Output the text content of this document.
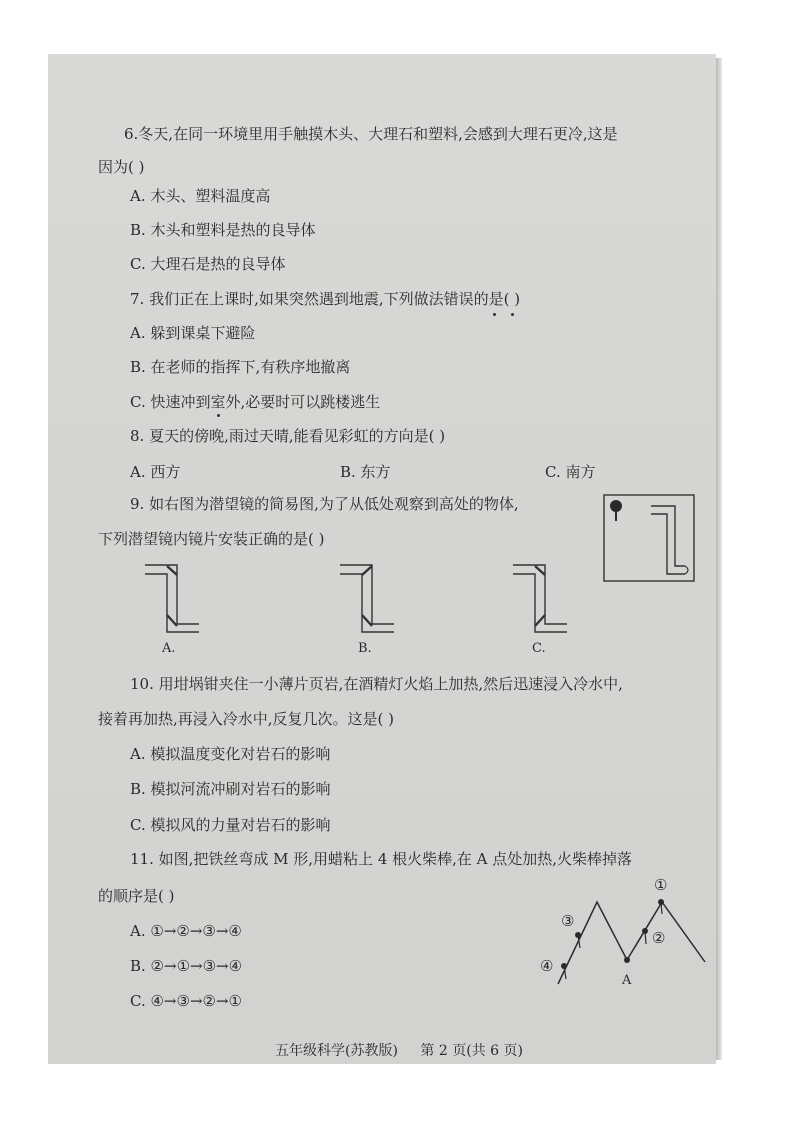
6.冬天,在同一环境里用手触摸木头、大理石和塑料,会感到大理石更冷,这是
因为( )
A. 木头、塑料温度高
B. 木头和塑料是热的良导体
C. 大理石是热的良导体
7. 我们正在上课时,如果突然遇到地震,下列做法错误的是( )
A. 躲到课桌下避险
B. 在老师的指挥下,有秩序地撤离
C. 快速冲到室外,必要时可以跳楼逃生
8. 夏天的傍晚,雨过天晴,能看见彩虹的方向是( )
A. 西方	B. 东方	C. 南方
9. 如右图为潜望镜的简易图,为了从低处观察到高处的物体,
下列潜望镜内镜片安装正确的是( )
A.	B.	C.
10. 用坩埚钳夹住一小薄片页岩,在酒精灯火焰上加热,然后迅速浸入冷水中,
接着再加热,再浸入冷水中,反复几次。这是( )
A. 模拟温度变化对岩石的影响
B. 模拟河流冲刷对岩石的影响
C. 模拟风的力量对岩石的影响
11. 如图,把铁丝弯成 M 形,用蜡粘上 4 根火柴棒,在 A 点处加热,火柴棒掉落
的顺序是( )
A. ①→②→③→④
B. ②→①→③→④
C. ④→③→②→①
①
②
③
④
A
五年级科学(苏教版) 第 2 页(共 6 页)
